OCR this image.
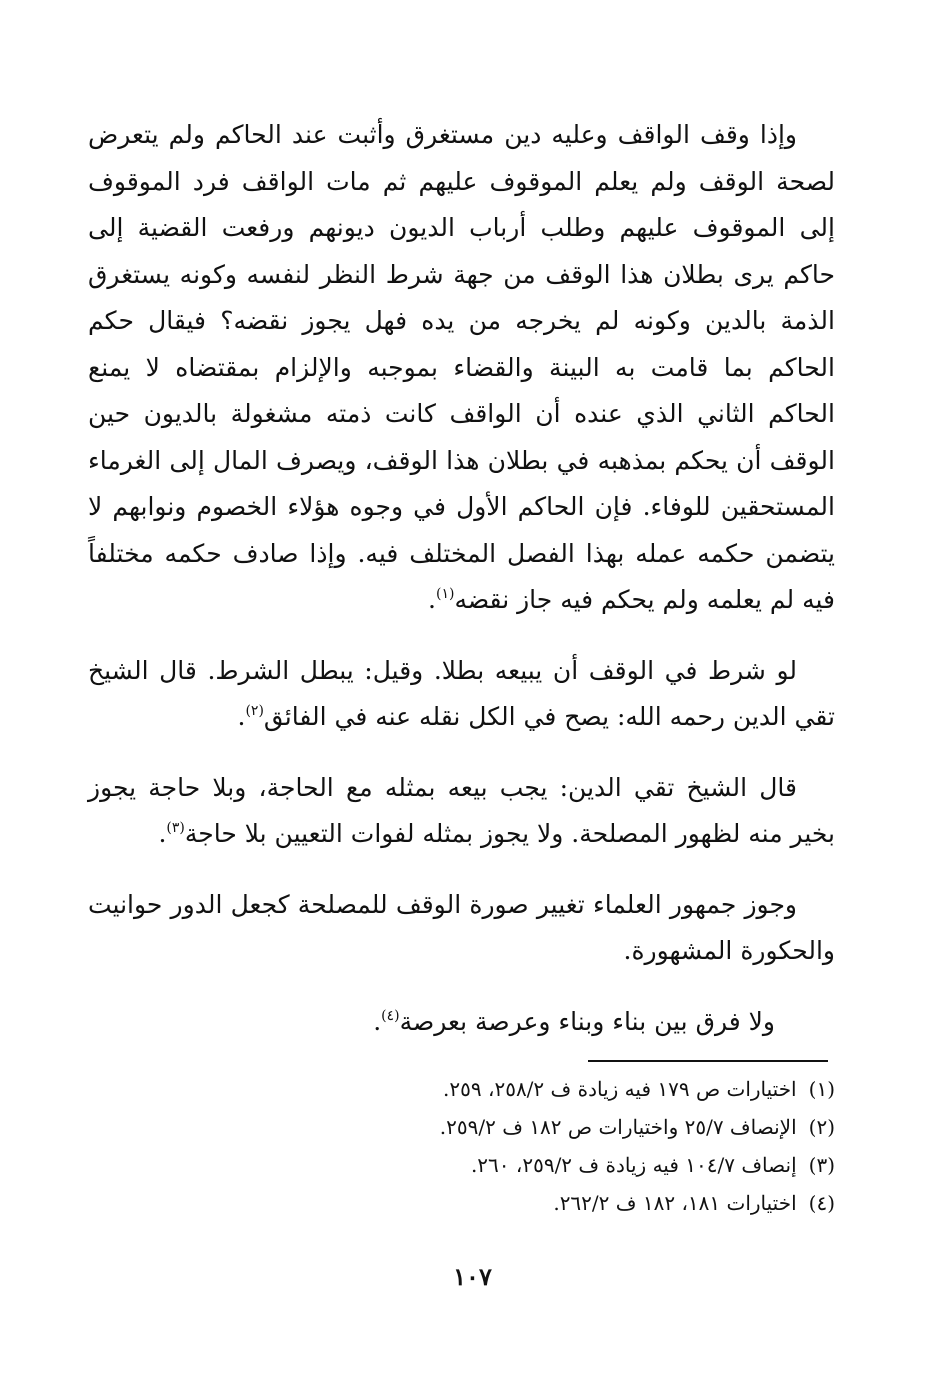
وإذا وقف الواقف وعليه دين مستغرق وأثبت عند الحاكم ولم يتعرض لصحة الوقف ولم يعلم الموقوف عليهم ثم مات الواقف فرد الموقوف إلى الموقوف عليهم وطلب أرباب الديون ديونهم ورفعت القضية إلى حاكم يرى بطلان هذا الوقف من جهة شرط النظر لنفسه وكونه يستغرق الذمة بالدين وكونه لم يخرجه من يده فهل يجوز نقضه؟ فيقال حكم الحاكم بما قامت به البينة والقضاء بموجبه والإلزام بمقتضاه لا يمنع الحاكم الثاني الذي عنده أن الواقف كانت ذمته مشغولة بالديون حين الوقف أن يحكم بمذهبه في بطلان هذا الوقف، ويصرف المال إلى الغرماء المستحقين للوفاء. فإن الحاكم الأول في وجوه هؤلاء الخصوم ونوابهم لا يتضمن حكمه عمله بهذا الفصل المختلف فيه. وإذا صادف حكمه مختلفاً فيه لم يعلمه ولم يحكم فيه جاز نقضه$^{(١)}$.

لو شرط في الوقف أن يبيعه بطلا. وقيل: يبطل الشرط. قال الشيخ تقي الدين رحمه الله: يصح في الكل نقله عنه في الفائق$^{(٢)}$.

قال الشيخ تقي الدين: يجب بيعه بمثله مع الحاجة، وبلا حاجة يجوز بخير منه لظهور المصلحة. ولا يجوز بمثله لفوات التعيين بلا حاجة$^{(٣)}$.

وجوز جمهور العلماء تغيير صورة الوقف للمصلحة كجعل الدور حوانيت والحكورة المشهورة.

ولا فرق بين بناء وبناء وعرصة بعرصة$^{(٤)}$.

(١)اختيارات ص ١٧٩ فيه زيادة ف ٢٥٨/٢، ٢٥٩.

(٢)الإنصاف ٢٥/٧ واختيارات ص ١٨٢ ف ٢٥٩/٢.

(٣)إنصاف ١٠٤/٧ فيه زيادة ف ٢٥٩/٢، ٢٦٠.

(٤)اختيارات ١٨١، ١٨٢ ف ٢٦٢/٢.

١٠٧
